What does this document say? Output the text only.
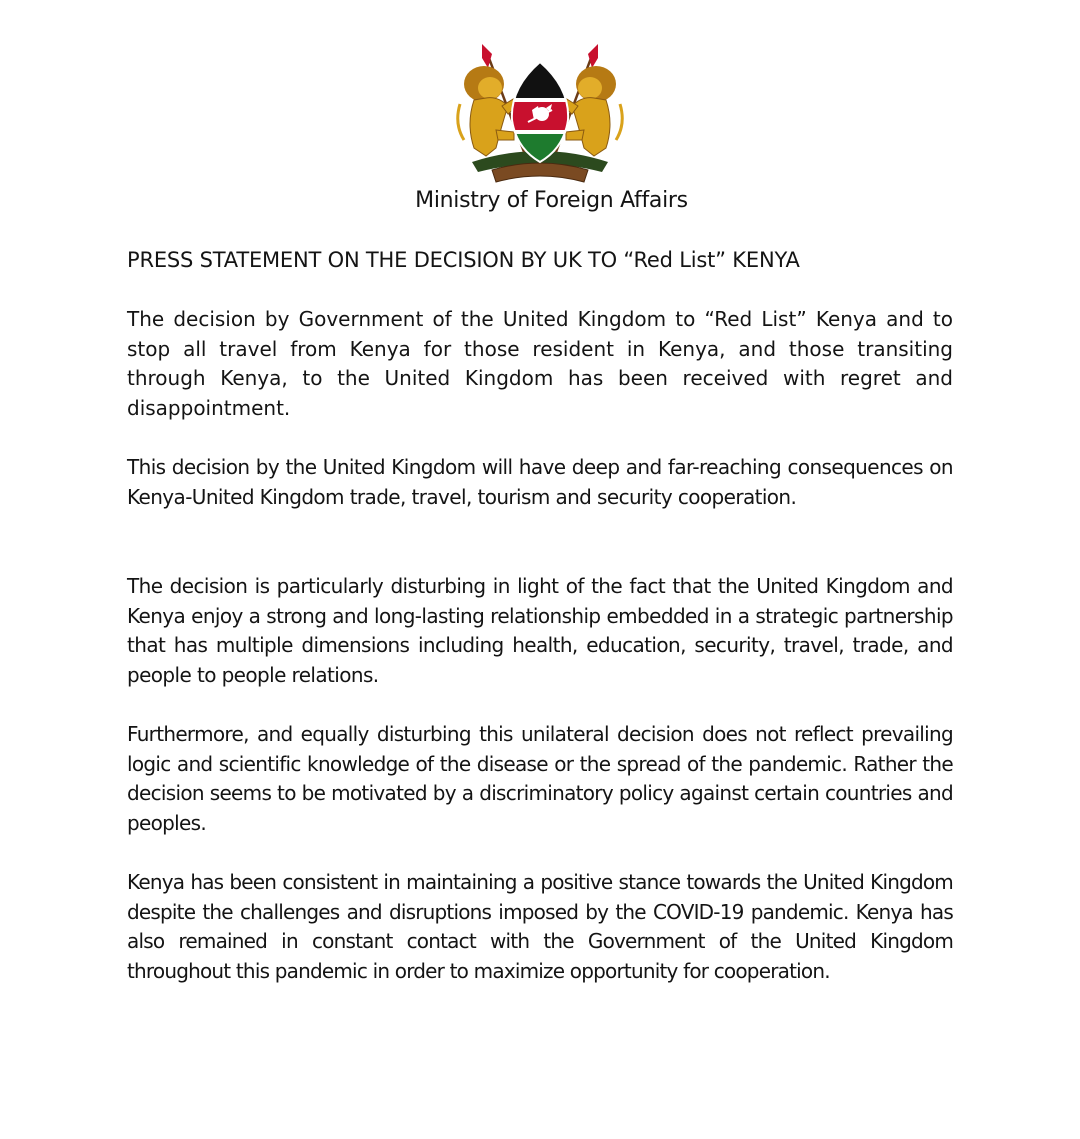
Ministry of Foreign Affairs
PRESS STATEMENT ON THE DECISION BY UK TO “Red List” KENYA

The decision by Government of the United Kingdom to “Red List” Kenya and to stop all travel from Kenya for those resident in Kenya, and those transiting through Kenya, to the United Kingdom has been received with regret and disappointment.

This decision by the United Kingdom will have deep and far-reaching consequences on Kenya-United Kingdom trade, travel, tourism and security cooperation.

The decision is particularly disturbing in light of the fact that the United Kingdom and Kenya enjoy a strong and long-lasting relationship embedded in a strategic partnership that has multiple dimensions including health, education, security, travel, trade, and people to people relations.

Furthermore, and equally disturbing this unilateral decision does not reflect prevailing logic and scientific knowledge of the disease or the spread of the pandemic. Rather the decision seems to be motivated by a discriminatory policy against certain countries and peoples.

Kenya has been consistent in maintaining a positive stance towards the United Kingdom despite the challenges and disruptions imposed by the COVID-19 pandemic. Kenya has also remained in constant contact with the Government of the United Kingdom throughout this pandemic in order to maximize opportunity for cooperation.
